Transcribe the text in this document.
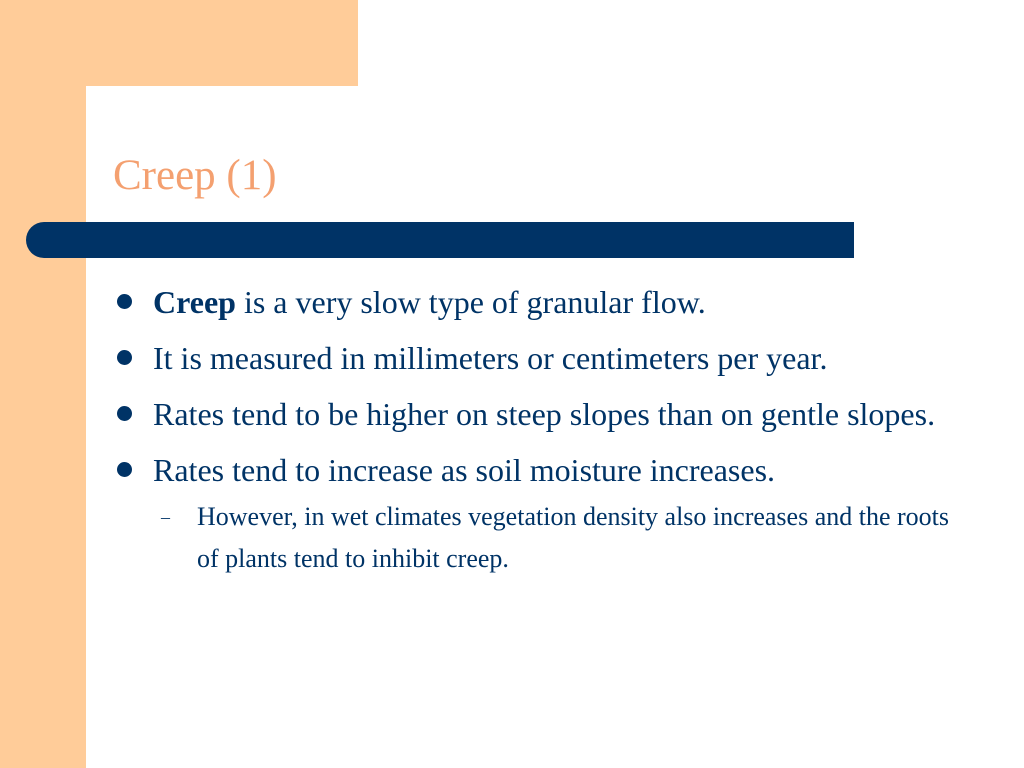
Creep (1)
Creep is a very slow type of granular flow.
It is measured in millimeters or centimeters per year.
Rates tend to be higher on steep slopes than on gentle slopes.
Rates tend to increase as soil moisture increases.
– However, in wet climates vegetation density also increases and the roots of plants tend to inhibit creep.
